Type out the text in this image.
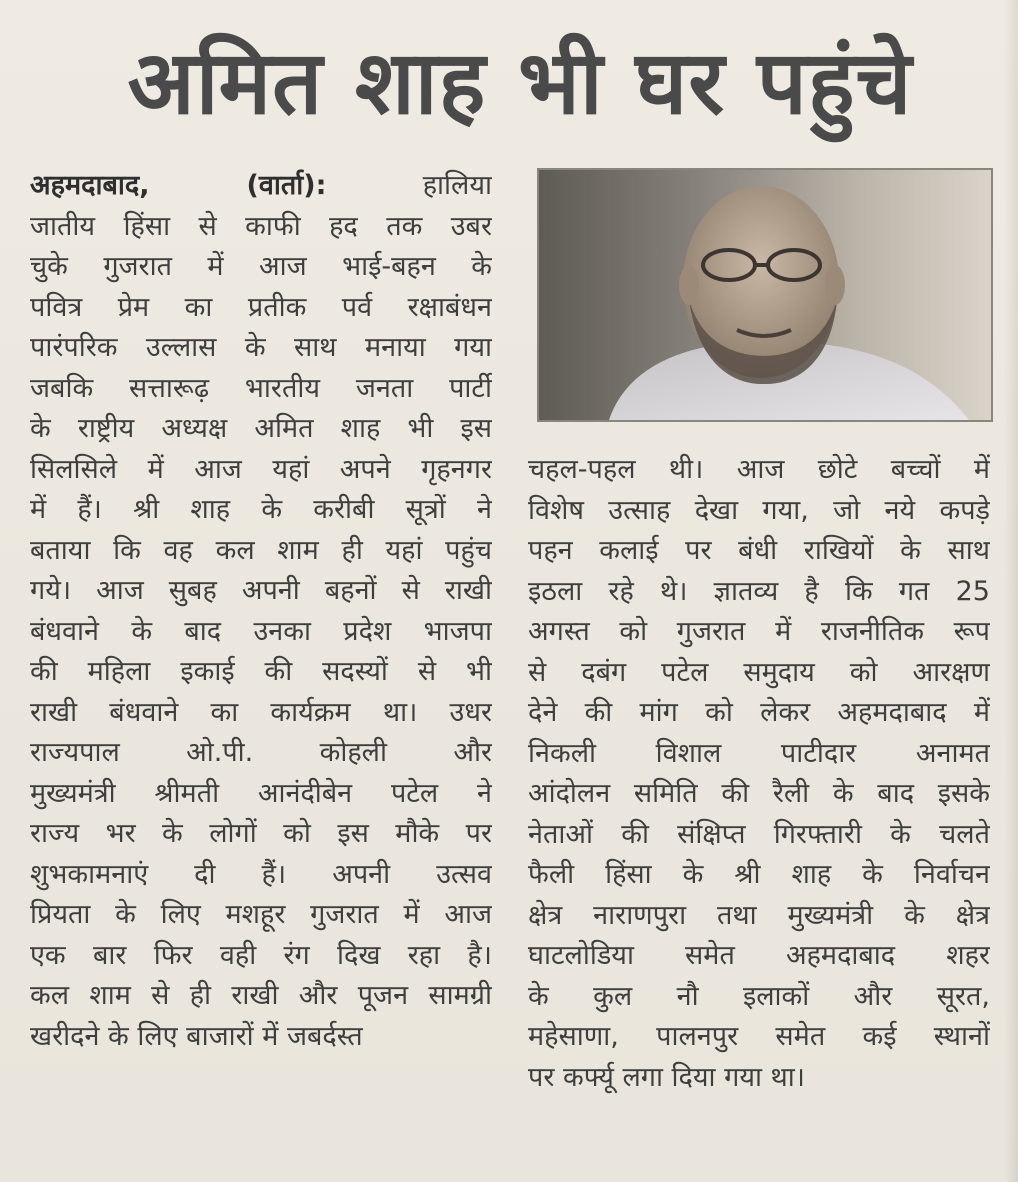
अमित शाह भी घर पहुंचे
अहमदाबाद, (वार्ता): हालिया
जातीय हिंसा से काफी हद तक उबर
चुके गुजरात में आज भाई-बहन के
पवित्र प्रेम का प्रतीक पर्व रक्षाबंधन
पारंपरिक उल्लास के साथ मनाया गया
जबकि सत्तारूढ़ भारतीय जनता पार्टी
के राष्ट्रीय अध्यक्ष अमित शाह भी इस
सिलसिले में आज यहां अपने गृहनगर
में हैं। श्री शाह के करीबी सूत्रों ने
बताया कि वह कल शाम ही यहां पहुंच
गये। आज सुबह अपनी बहनों से राखी
बंधवाने के बाद उनका प्रदेश भाजपा
की महिला इकाई की सदस्यों से भी
राखी बंधवाने का कार्यक्रम था। उधर
राज्यपाल ओ.पी. कोहली और
मुख्यमंत्री श्रीमती आनंदीबेन पटेल ने
राज्य भर के लोगों को इस मौके पर
शुभकामनाएं दी हैं। अपनी उत्सव
प्रियता के लिए मशहूर गुजरात में आज
एक बार फिर वही रंग दिख रहा है।
कल शाम से ही राखी और पूजन सामग्री
खरीदने के लिए बाजारों में जबर्दस्त
चहल-पहल थी। आज छोटे बच्चों में
विशेष उत्साह देखा गया, जो नये कपड़े
पहन कलाई पर बंधी राखियों के साथ
इठला रहे थे। ज्ञातव्य है कि गत 25
अगस्त को गुजरात में राजनीतिक रूप
से दबंग पटेल समुदाय को आरक्षण
देने की मांग को लेकर अहमदाबाद में
निकली विशाल पाटीदार अनामत
आंदोलन समिति की रैली के बाद इसके
नेताओं की संक्षिप्त गिरफ्तारी के चलते
फैली हिंसा के श्री शाह के निर्वाचन
क्षेत्र नाराणपुरा तथा मुख्यमंत्री के क्षेत्र
घाटलोडिया समेत अहमदाबाद शहर
के कुल नौ इलाकों और सूरत,
महेसाणा, पालनपुर समेत कई स्थानों
पर कर्फ्यू लगा दिया गया था।
